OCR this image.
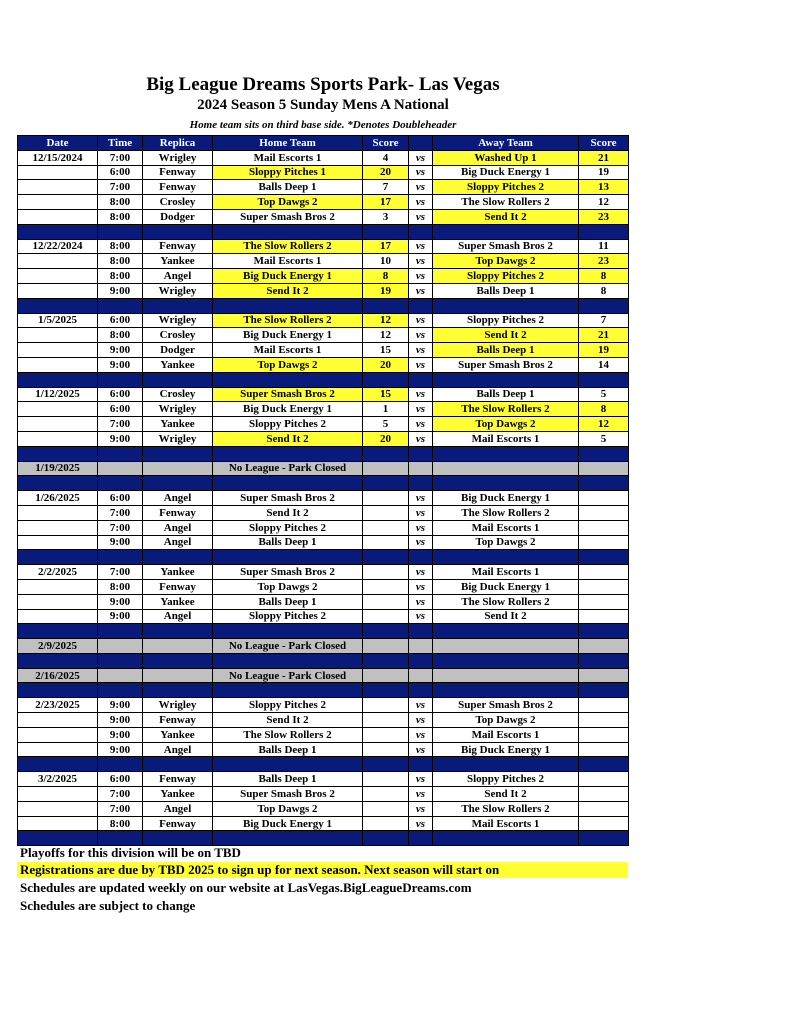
Big League Dreams Sports Park- Las Vegas
2024 Season 5 Sunday Mens A National
Home team sits on third base side. *Denotes Doubleheader
Date	Time	Replica	Home Team	Score		Away Team	Score
12/15/2024	7:00	Wrigley	Mail Escorts 1	4	vs	Washed Up 1	21
	6:00	Fenway	Sloppy Pitches 1	20	vs	Big Duck Energy 1	19
	7:00	Fenway	Balls Deep 1	7	vs	Sloppy Pitches 2	13
	8:00	Crosley	Top Dawgs 2	17	vs	The Slow Rollers 2	12
	8:00	Dodger	Super Smash Bros 2	3	vs	Send It 2	23

12/22/2024	8:00	Fenway	The Slow Rollers 2	17	vs	Super Smash Bros 2	11
	8:00	Yankee	Mail Escorts 1	10	vs	Top Dawgs 2	23
	8:00	Angel	Big Duck Energy 1	8	vs	Sloppy Pitches 2	8
	9:00	Wrigley	Send It 2	19	vs	Balls Deep 1	8

1/5/2025	6:00	Wrigley	The Slow Rollers 2	12	vs	Sloppy Pitches 2	7
	8:00	Crosley	Big Duck Energy 1	12	vs	Send It 2	21
	9:00	Dodger	Mail Escorts 1	15	vs	Balls Deep 1	19
	9:00	Yankee	Top Dawgs 2	20	vs	Super Smash Bros 2	14

1/12/2025	6:00	Crosley	Super Smash Bros 2	15	vs	Balls Deep 1	5
	6:00	Wrigley	Big Duck Energy 1	1	vs	The Slow Rollers 2	8
	7:00	Yankee	Sloppy Pitches 2	5	vs	Top Dawgs 2	12
	9:00	Wrigley	Send It 2	20	vs	Mail Escorts 1	5

1/19/2025			No League - Park Closed				

1/26/2025	6:00	Angel	Super Smash Bros 2		vs	Big Duck Energy 1	
	7:00	Fenway	Send It 2		vs	The Slow Rollers 2	
	7:00	Angel	Sloppy Pitches 2		vs	Mail Escorts 1	
	9:00	Angel	Balls Deep 1		vs	Top Dawgs 2	

2/2/2025	7:00	Yankee	Super Smash Bros 2		vs	Mail Escorts 1	
	8:00	Fenway	Top Dawgs 2		vs	Big Duck Energy 1	
	9:00	Yankee	Balls Deep 1		vs	The Slow Rollers 2	
	9:00	Angel	Sloppy Pitches 2		vs	Send It 2	

2/9/2025			No League - Park Closed				

2/16/2025			No League - Park Closed				

2/23/2025	9:00	Wrigley	Sloppy Pitches 2		vs	Super Smash Bros 2	
	9:00	Fenway	Send It 2		vs	Top Dawgs 2	
	9:00	Yankee	The Slow Rollers 2		vs	Mail Escorts 1	
	9:00	Angel	Balls Deep 1		vs	Big Duck Energy 1	

3/2/2025	6:00	Fenway	Balls Deep 1		vs	Sloppy Pitches 2	
	7:00	Yankee	Super Smash Bros 2		vs	Send It 2	
	7:00	Angel	Top Dawgs 2		vs	The Slow Rollers 2	
	8:00	Fenway	Big Duck Energy 1		vs	Mail Escorts 1	

Playoffs for this division will be on TBD
Registrations are due by TBD 2025 to sign up for next season. Next season will start on
Schedules are updated weekly on our website at LasVegas.BigLeagueDreams.com
Schedules are subject to change
